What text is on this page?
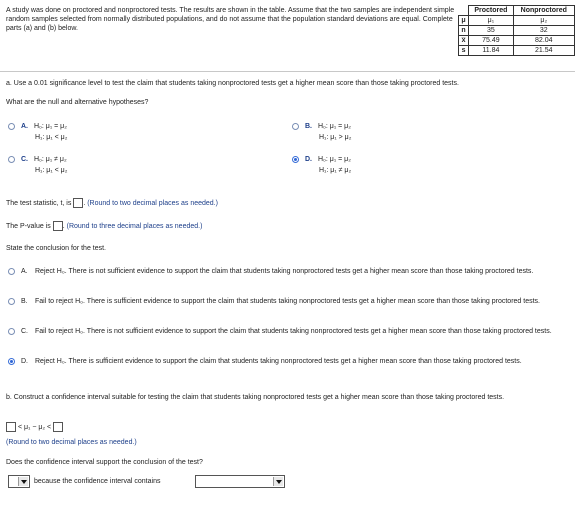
A study was done on proctored and nonproctored tests. The results are shown in the table. Assume that the two samples are independent simple random samples selected from normally distributed populations, and do not assume that the population standard deviations are equal. Complete parts (a) and (b) below.
	Proctored	Nonproctored
μ	μ₁	μ₂
n	35	32
x̅	75.49	82.04
s	11.84	21.54
a. Use a 0.01 significance level to test the claim that students taking nonproctored tests get a higher mean score than those taking proctored tests.
What are the null and alternative hypotheses?
A. H₀: μ₁ = μ₂
H₁: μ₁ < μ₂
B. H₀: μ₁ = μ₂
H₁: μ₁ > μ₂
C. H₀: μ₁ ≠ μ₂
H₁: μ₁ < μ₂
D. H₀: μ₁ = μ₂
H₁: μ₁ ≠ μ₂
The test statistic, t, is . (Round to two decimal places as needed.)
The P-value is . (Round to three decimal places as needed.)
State the conclusion for the test.
A. Reject H₀. There is not sufficient evidence to support the claim that students taking nonproctored tests get a higher mean score than those taking proctored tests.
B. Fail to reject H₀. There is sufficient evidence to support the claim that students taking nonproctored tests get a higher mean score than those taking proctored tests.
C. Fail to reject H₀. There is not sufficient evidence to support the claim that students taking nonproctored tests get a higher mean score than those taking proctored tests.
D. Reject H₀. There is sufficient evidence to support the claim that students taking nonproctored tests get a higher mean score than those taking proctored tests.
b. Construct a confidence interval suitable for testing the claim that students taking nonproctored tests get a higher mean score than those taking proctored tests.
< μ₁ − μ₂ <
(Round to two decimal places as needed.)
Does the confidence interval support the conclusion of the test?
because the confidence interval contains
